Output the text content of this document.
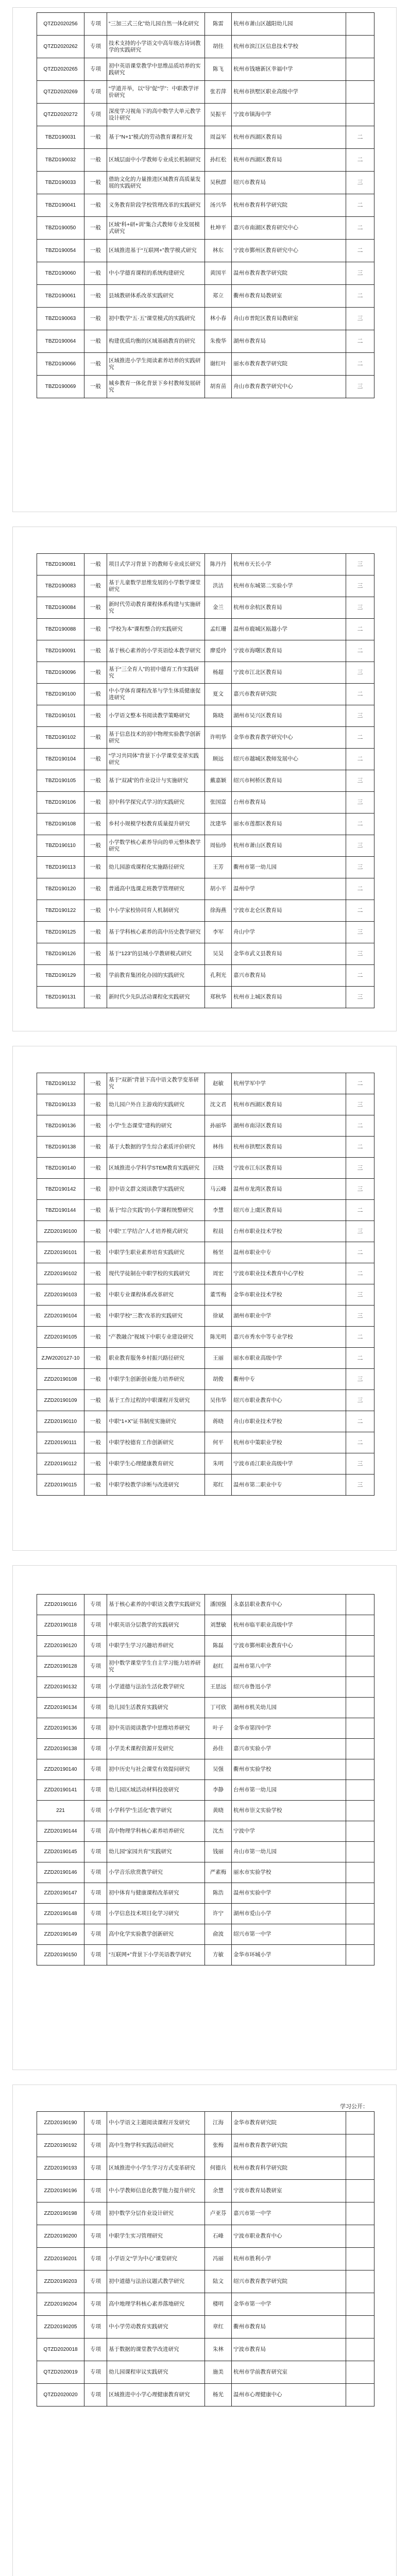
QTZD2020256	专项	“三加三式三化”幼儿园自然一体化研究	陈雷	杭州市萧山区越阳幼儿园	
QTZD2020262	专项	技术支持的小学语文中高年级古诗词教学的实践研究	胡佳	杭州市滨江区信息技术学校	
QTZD2020265	专项	初中英语课堂教学中思维品质培养的实践研究	陈飞	杭州市钱塘新区幸福中学	
QTZD2020269	专项	“学道并举，以“导”促“学”：中职教学评价研究	张若萍	杭州市拱墅区职业高级中学	
QTZD2020272	专项	深度学习视角下的高中数学大单元教学设计研究	吴振平	宁波市镇海中学	
TBZD190031	一般	基于“N+1”模式的劳动教育课程开发	周益军	杭州市西湖区教育局	二
TBZD190032	一般	区域层面中小学教师专业成长机制研究	孙红松	杭州市西湖区教育局	二
TBZD190033	一般	借助文化的力量推进区域教育高质量发展的实践研究	吴秋群	绍兴市教育局	三
TBZD190041	一般	义务教育阶段学校管理改革的实践研究	汤兴华	杭州市教育科学研究院	二
TBZD190050	一般	区域“科+研+训”集合式教师专业发展模式研究	杜坤平	嘉兴市南湖区教育研究中心	二
TBZD190054	一般	区域推进基于“互联网+”教学模式研究	林东	宁波市鄞州区教育研究中心	二
TBZD190060	一般	中小学德育课程的系统构建研究	黄国平	温州市教育教学研究院	三
TBZD190061	一般	县域教研体系改革实践研究	郑立	衢州市教育局教研室	二
TBZD190063	一般	初中数学“五·五”课堂模式的实践研究	林小春	舟山市普陀区教育局教研室	三
TBZD190064	一般	构建优质均衡的区域基础教育的研究	朱俊华	湖州市教育局	二
TBZD190066	一般	区域推进小学生阅读素养培养的实践研究	谢红叶	丽水市教育教学研究院	二
TBZD190069	一般	城乡教育一体化背景下乡村教师发展研究	胡育苗	舟山市教育教学研究中心	三
TBZD190081	一般	项目式学习背景下的教师专业成长研究	陈丹丹	杭州市天长小学	三
TBZD190083	一般	基于儿童数学思维发展的小学数学课堂研究	洪洁	杭州市东城第二实验小学	三
TBZD190084	一般	新时代劳动教育课程体系构建与实施研究	金兰	杭州市余杭区教育局	三
TBZD190088	一般	“学校为本”课程整合的实践研究	孟红珊	温州市鹿城区瓯越小学	二
TBZD190091	一般	基于核心素养的小学英语绘本教学研究	廖爱玲	宁波市海曙区教育局	二
TBZD190096	一般	基于“三全育人”的初中德育工作实践研究	杨超	宁波市江北区教育局	三
TBZD190100	一般	中小学体育课程改革与学生体质健康促进研究	夏文	嘉兴市教育研究院	二
TBZD190101	一般	小学语文整本书阅读教学策略研究	陈晓	湖州市吴兴区教育局	三
TBZD190102	一般	基于信息技术的初中物理实验教学创新研究	许明华	金华市教育教学研究中心	二
TBZD190104	一般	“学习共同体”背景下小学课堂变革实践研究	顾远	绍兴市越城区教师发展中心	二
TBZD190105	一般	基于“双减”的作业设计与实施研究	戴嘉颖	绍兴市柯桥区教育局	三
TBZD190106	一般	初中科学探究式学习的实践研究	张国富	台州市教育局	三
TBZD190108	一般	乡村小规模学校教育质量提升研究	沈建华	丽水市莲都区教育局	二
TBZD190110	一般	小学数学核心素养导向的单元整体教学研究	周仙珍	杭州市萧山区教育局	三
TBZD190113	一般	幼儿园游戏课程化实施路径研究	王芳	衢州市第一幼儿园	三
TBZD190120	一般	普通高中选课走班教学管理研究	胡小平	温州中学	二
TBZD190122	一般	中小学家校协同育人机制研究	徐海燕	宁波市北仑区教育局	二
TBZD190125	一般	基于学科核心素养的高中历史教学研究	李军	舟山中学	三
TBZD190126	一般	基于“123”的县域小学教研模式研究	吴昊	金华市武义县教育局	三
TBZD190129	一般	学前教育集团化办园的实践研究	孔利光	嘉兴市教育局	二
TBZD190131	一般	新时代少先队活动课程化实践研究	郑秋华	杭州市上城区教育局	三
TBZD190132	一般	基于“双新”背景下高中语文教学变革研究	赵敏	杭州学军中学	二
TBZD190133	一般	幼儿园户外自主游戏的实践研究	沈文君	杭州市西湖区教育局	三
TBZD190136	一般	小学“生态课堂”建构的研究	孙丽华	湖州市南浔区教育局	二
TBZD190138	一般	基于大数据的学生综合素质评价研究	林伟	杭州市拱墅区教育局	二
TBZD190140	一般	区域推进小学科学STEM教育实践研究	汪晓	宁波市江东区教育局	三
TBZD190142	一般	初中语文群文阅读教学实践研究	马云峰	温州市龙湾区教育局	三
TBZD190144	一般	基于“综合实践”的小学课程统整研究	李慧	绍兴市上虞区教育局	二
ZZD20190100	一般	中职“工学结合”人才培养模式研究	程晨	台州市职业技术学校	三
ZZD20190101	一般	中职学生职业素养培育实践研究	杨坚	温州市职业中专	二
ZZD20190102	一般	现代学徒制在中职学校的实践研究	周宏	宁波市职业技术教育中心学校	二
ZZD20190103	一般	中职专业课程体系改革研究	董雪梅	金华市职业技术学校	三
ZZD20190104	一般	中职学校“三教”改革的实践研究	徐斌	湖州市职业中学	三
ZZD20190105	一般	“产教融合”视域下中职专业建设研究	陈光明	嘉兴市秀水中等专业学校	二
ZJW2020127-10	一般	职业教育服务乡村振兴路径研究	王丽	丽水市职业高级中学	二
ZZD20190108	一般	中职学生创新创业能力培养研究	胡俊	衢州中专	三
ZZD20190109	一般	基于工作过程的中职课程开发研究	吴伟华	绍兴市职业教育中心	三
ZZD20190110	一般	中职“1+X”证书制度实施研究	蒋晓	舟山市职业技术学校	二
ZZD20190111	一般	中职学校德育工作创新研究	何平	杭州市中策职业学校	二
ZZD20190112	一般	中职学生心理健康教育研究	朱明	宁波市甬江职业高级中学	三
ZZD20190115	一般	中职学校教学诊断与改进研究	郑红	温州市第二职业中专	三
ZZD20190116	专项	基于核心素养的中职语文教学实践研究	潘国强	永嘉县职业教育中心	
ZZD20190118	专项	中职英语分层教学的实践研究	刘慧敏	杭州市临平职业高级中学	
ZZD20190120	专项	中职学生学习兴趣培养研究	陈磊	宁波市鄞州职业教育中心	
ZZD20190128	专项	初中数学课堂学生自主学习能力培养研究	赵红	温州市第八中学	
ZZD20190132	专项	小学道德与法治生活化教学研究	王思远	绍兴市鲁迅小学	
ZZD20190134	专项	幼儿园生活教育实践研究	丁可欣	湖州市机关幼儿园	
ZZD20190136	专项	初中英语阅读教学中思维培养研究	叶子	金华市第四中学	
ZZD20190138	专项	小学美术课程资源开发研究	孙佳	嘉兴市实验小学	
ZZD20190140	专项	初中历史与社会课堂有效提问研究	吴强	衢州市实验学校	
ZZD20190141	专项	幼儿园区域活动材料投放研究	李静	台州市第一幼儿园	
221	专项	小学科学“生活化”教学研究	黄晓	杭州市崇文实验学校	
ZZD20190144	专项	高中物理学科核心素养培养研究	沈杰	宁波中学	
ZZD20190145	专项	幼儿园“家园共育”实践研究	钱丽	舟山市第一幼儿园	
ZZD20190146	专项	小学音乐欣赏教学研究	严素梅	丽水市实验学校	
ZZD20190147	专项	初中体育与健康课程改革研究	陈浩	温州市实验中学	
ZZD20190148	专项	小学信息技术项目化学习研究	许宁	湖州市爱山小学	
ZZD20190149	专项	高中化学实验教学创新研究	俞波	绍兴市第一中学	
ZZD20190150	专项	“互联网+”背景下小学英语教学研究	方敏	金华市环城小学	
学习公开：
ZZD20190190	专项	中小学语文主题阅读课程开发研究	江海	金华市教育研究院	
ZZD20190192	专项	高中生物学科实践活动研究	张梅	温州市教育教学研究院	
ZZD20190193	专项	区域推进中小学生学习方式变革研究	何德兵	杭州市教育科学研究院	
ZZD20190196	专项	中小学教师信息化教学能力提升研究	余慧	宁波市教育局教研室	
ZZD20190198	专项	初中数学分层作业设计研究	卢亚芬	嘉兴市第一中学	
ZZD20190200	专项	中职学生实习管理研究	石峰	宁波市职业教育中心	
ZZD20190201	专项	小学语文“学为中心”课堂研究	冯丽	杭州市胜利小学	
ZZD20190203	专项	初中道德与法治议题式教学研究	陆文	绍兴市教育教学研究院	
ZZD20190204	专项	高中地理学科核心素养落地研究	楼明	金华市第一中学	
ZZD20190205	专项	中小学劳动教育实践研究	章红	衢州市教育局	
QTZD2020018	专项	基于数据的课堂教学改进研究	朱林	宁波市教育局	
QTZD2020019	专项	幼儿园课程审议实践研究	施美	杭州市学前教育研究室	
QTZD2020020	专项	区域推进中小学心理健康教育研究	杨光	温州市心理健康中心	
